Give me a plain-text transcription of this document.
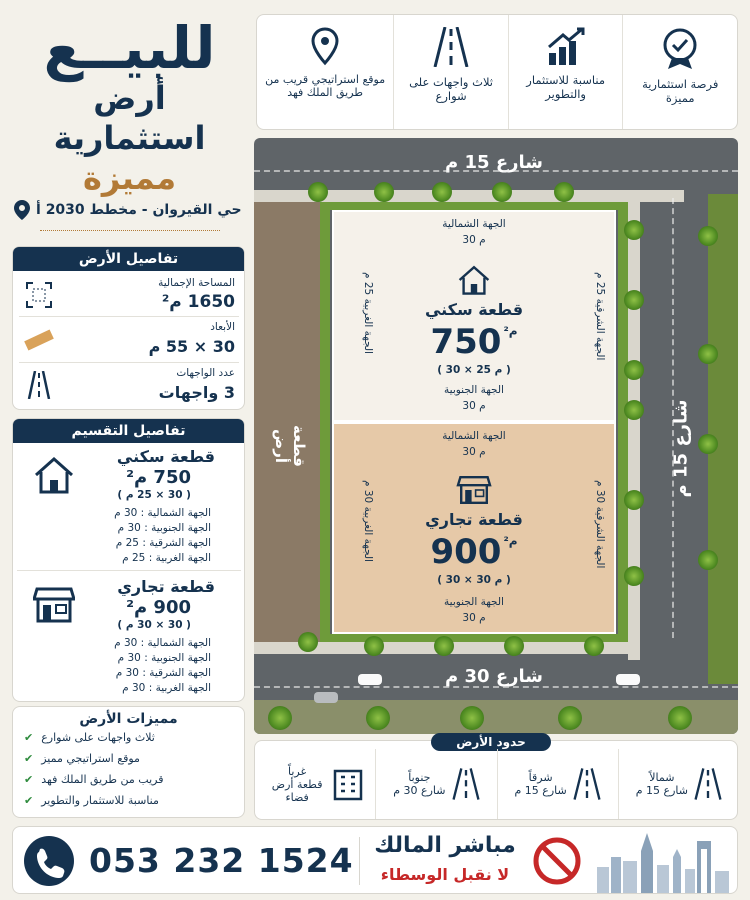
للبيــع
أرض استثمارية
مميزة
حي القيروان - مخطط 2030 أ
تفاصيل الأرض
المساحة الإجمالية
1650 م²
الأبعاد
30 × 55 م
عدد الواجهات
3 واجهات
تفاصيل التقسيم
قطعة سكني
750 م²
( 30 × 25 م )
الجهة الشمالية : 30 م
الجهة الجنوبية : 30 م
الجهة الشرقية : 25 م
الجهة الغربية : 25 م
قطعة تجاري
900 م²
( 30 × 30 م )
الجهة الشمالية : 30 م
الجهة الجنوبية : 30 م
الجهة الشرقية : 30 م
الجهة الغربية : 30 م
مميزات الأرض
✔ ثلاث واجهات على شوارع
✔ موقع استراتيجي مميز
✔ قريب من طريق الملك فهد
✔ مناسبة للاستثمار والتطوير
فرصة استثمارية مميزة
مناسبة للاستثمار والتطوير
ثلاث واجهات على شوارع
موقع استراتيجي قريب من طريق الملك فهد
قطعة أرض
الجهة الشمالية
30 م
قطعة سكني
750 م²
( 30 × 25 م )
الجهة الجنوبية
30 م
الجهة الغربية 25 م
الجهة الشرقية 25 م
الجهة الشمالية
30 م
قطعة تجاري
900 م²
( 30 × 30 م )
الجهة الجنوبية
30 م
الجهة الغربية 30 م
الجهة الشرقية 30 م
شارع 15 م
شارع 15 م
شارع 30 م
حدود الأرض
شمالاً
شارع 15 م
شرقاً
شارع 15 م
جنوباً
شارع 30 م
غرباً
قطعة أرض فضاء
053 232 1524 مباشر المالك
لا نقبل الوسطاء
